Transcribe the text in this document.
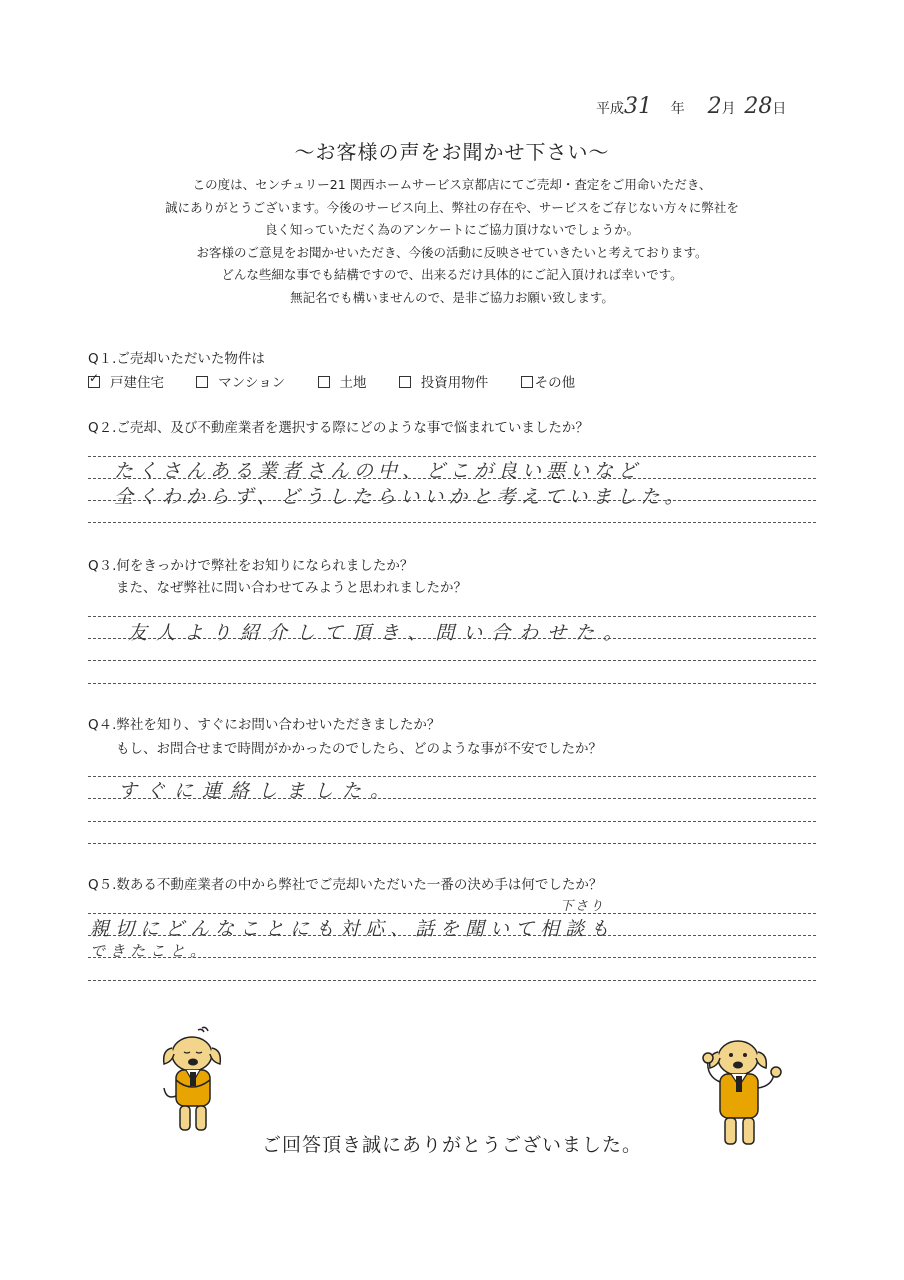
平成31 年 2月 28日
～お客様の声をお聞かせ下さい～
この度は、センチュリー21 関西ホームサービス京都店にてご売却・査定をご用命いただき、
誠にありがとうございます。今後のサービス向上、弊社の存在や、サービスをご存じない方々に弊社を
良く知っていただく為のアンケートにご協力頂けないでしょうか。
お客様のご意見をお聞かせいただき、今後の活動に反映させていきたいと考えております。
どんな些細な事でも結構ですので、出来るだけ具体的にご記入頂ければ幸いです。
無記名でも構いませんので、是非ご協力お願い致します。
Q１.ご売却いただいた物件は
✓戸建住宅	マンション	土地	投資用物件	その他
Q２.ご売却、及び不動産業者を選択する際にどのような事で悩まれていましたか？
たくさんある業者さんの中、どこが良い悪いなど
全くわからず、どうしたらいいかと考えていました。
Q３.何をきっかけで弊社をお知りになられましたか？
また、なぜ弊社に問い合わせてみようと思われましたか？
友人より紹介して頂き、問い合わせた。
Q４.弊社を知り、すぐにお問い合わせいただきましたか？
もし、お問合せまで時間がかかったのでしたら、どのような事が不安でしたか？
すぐに連絡しました。
Q５.数ある不動産業者の中から弊社でご売却いただいた一番の決め手は何でしたか？
下さり
親切にどんなことにも対応、話を聞いて相談も
できたこと。
ご回答頂き誠にありがとうございました。
